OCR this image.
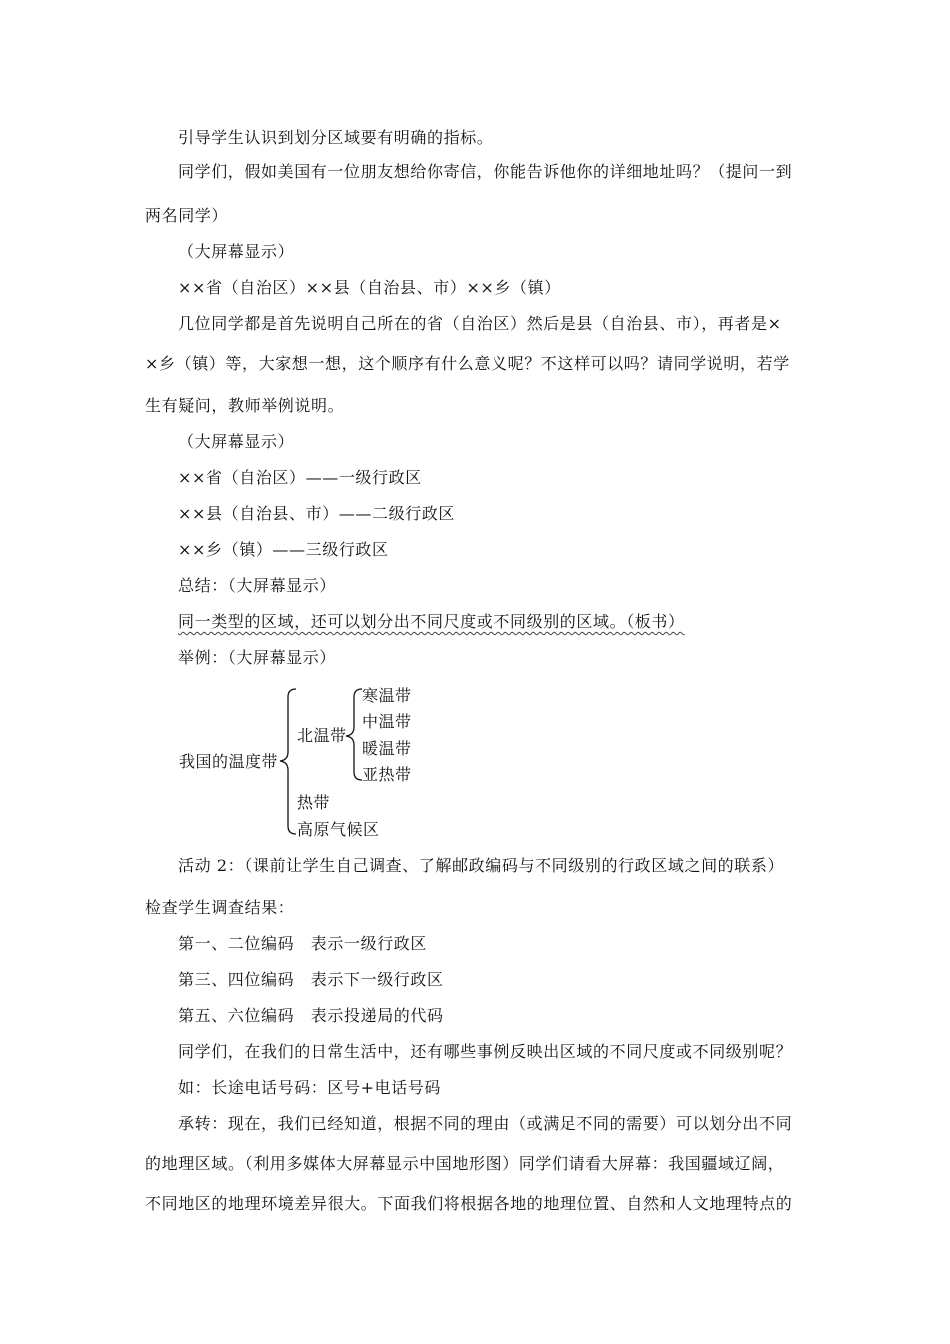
引导学生认识到划分区域要有明确的指标。
同学们，假如美国有一位朋友想给你寄信，你能告诉他你的详细地址吗？（提问一到
两名同学）
（大屏幕显示）
××省（自治区）××县（自治县、市）××乡（镇）
几位同学都是首先说明自己所在的省（自治区）然后是县（自治县、市），再者是×
×乡（镇）等，大家想一想，这个顺序有什么意义呢？不这样可以吗？请同学说明，若学
生有疑问，教师举例说明。
（大屏幕显示）
××省（自治区）——一级行政区
××县（自治县、市）——二级行政区
××乡（镇）——三级行政区
总结：（大屏幕显示）
同一类型的区域，还可以划分出不同尺度或不同级别的区域。（板书）
举例：（大屏幕显示）
我国的温度带
北温带
寒温带
中温带
暖温带
亚热带
热带
高原气候区
活动 2：（课前让学生自己调查、了解邮政编码与不同级别的行政区域之间的联系）
检查学生调查结果：
第一、二位编码　表示一级行政区
第三、四位编码　表示下一级行政区
第五、六位编码　表示投递局的代码
同学们，在我们的日常生活中，还有哪些事例反映出区域的不同尺度或不同级别呢？
如：长途电话号码：区号+电话号码
承转：现在，我们已经知道，根据不同的理由（或满足不同的需要）可以划分出不同
的地理区域。（利用多媒体大屏幕显示中国地形图）同学们请看大屏幕：我国疆域辽阔，
不同地区的地理环境差异很大。下面我们将根据各地的地理位置、自然和人文地理特点的
